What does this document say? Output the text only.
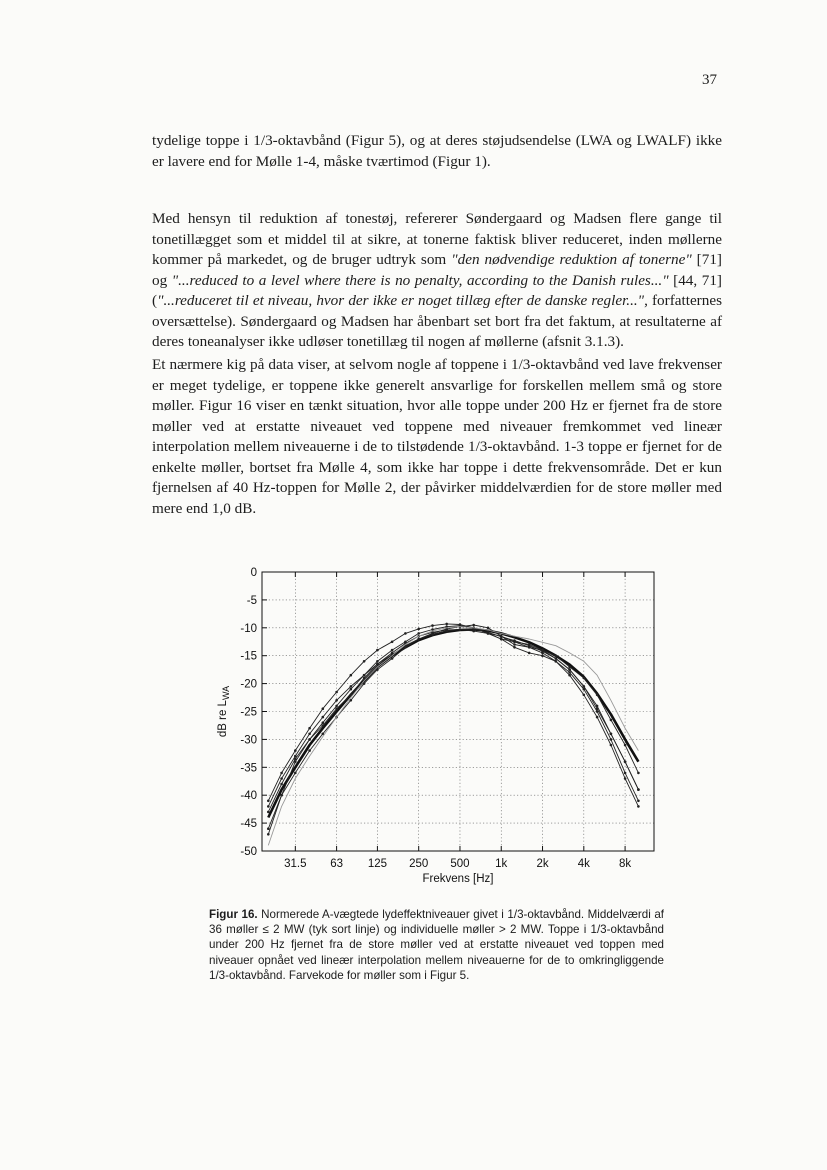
37

tydelige toppe i 1/3-oktavbånd (Figur 5), og at deres støjudsendelse (LWA og LWALF) ikke er lavere end for Mølle 1-4, måske tværtimod (Figur 1).

Med hensyn til reduktion af tonestøj, refererer Søndergaard og Madsen flere gange til tonetillægget som et middel til at sikre, at tonerne faktisk bliver reduceret, inden møllerne kommer på markedet, og de bruger udtryk som "den nødvendige reduktion af tonerne" [71] og "...reduced to a level where there is no penalty, according to the Danish rules..." [44, 71] ("...reduceret til et niveau, hvor der ikke er noget tillæg efter de danske regler...", forfatternes oversættelse). Søndergaard og Madsen har åbenbart set bort fra det faktum, at resultaterne af deres toneanalyser ikke udløser tonetillæg til nogen af møllerne (afsnit 3.1.3).

Et nærmere kig på data viser, at selvom nogle af toppene i 1/3-oktavbånd ved lave frekvenser er meget tydelige, er toppene ikke generelt ansvarlige for forskellen mellem små og store møller. Figur 16 viser en tænkt situation, hvor alle toppe under 200 Hz er fjernet fra de store møller ved at erstatte niveauet ved toppene med niveauer fremkommet ved lineær interpolation mellem niveauerne i de to tilstødende 1/3-oktavbånd. 1-3 toppe er fjernet for de enkelte møller, bortset fra Mølle 4, som ikke har toppe i dette frekvensområde. Det er kun fjernelsen af 40 Hz-toppen for Mølle 2, der påvirker middelværdien for de store møller med mere end 1,0 dB.

0
-5
-10
-15
-20
-25
-30
-35
-40
-45
-50
31.5 63 125 250 500 1k	2k	4k	8k
Frekvens [Hz]
dB re $L_{WA}$

Figur 16. Normerede A-vægtede lydeffektniveauer givet i 1/3-oktavbånd. Middelværdi af 36 møller ≤ 2 MW (tyk sort linje) og individuelle møller > 2 MW. Toppe i 1/3-oktavbånd under 200 Hz fjernet fra de store møller ved at erstatte niveauet ved toppen med niveauer opnået ved lineær interpolation mellem niveauerne for de to omkringliggende 1/3-oktavbånd. Farvekode for møller som i Figur 5.
